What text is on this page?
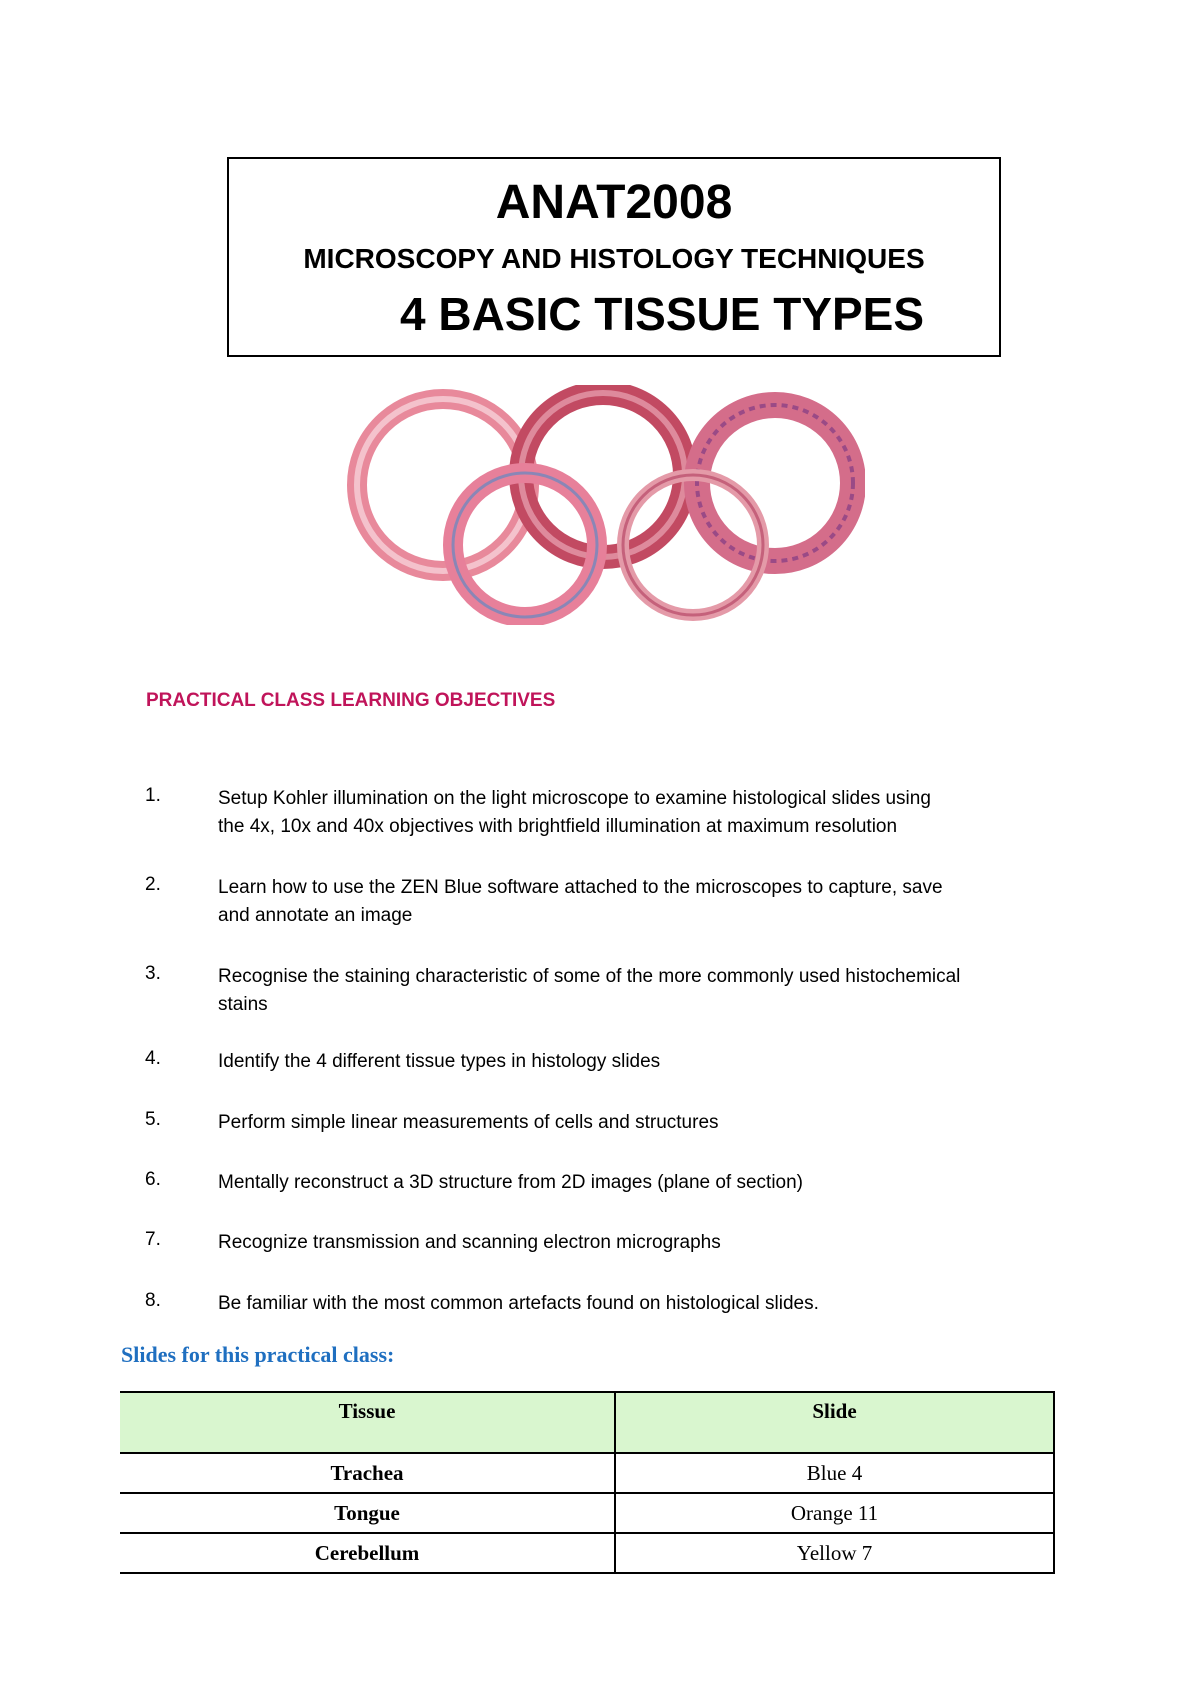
ANAT2008
MICROSCOPY AND HISTOLOGY TECHNIQUES
4 BASIC TISSUE TYPES
PRACTICAL CLASS LEARNING OBJECTIVES
1.	Setup Kohler illumination on the light microscope to examine histological slides using
the 4x, 10x and 40x objectives with brightfield illumination at maximum resolution
2.	Learn how to use the ZEN Blue software attached to the microscopes to capture, save
and annotate an image
3.	Recognise the staining characteristic of some of the more commonly used histochemical
stains
4.	Identify the 4 different tissue types in histology slides
5.	Perform simple linear measurements of cells and structures
6.	Mentally reconstruct a 3D structure from 2D images (plane of section)
7.	Recognize transmission and scanning electron micrographs
8.	Be familiar with the most common artefacts found on histological slides.
Slides for this practical class:
Tissue	Slide
Trachea	Blue 4
Tongue	Orange 11
Cerebellum	Yellow 7
